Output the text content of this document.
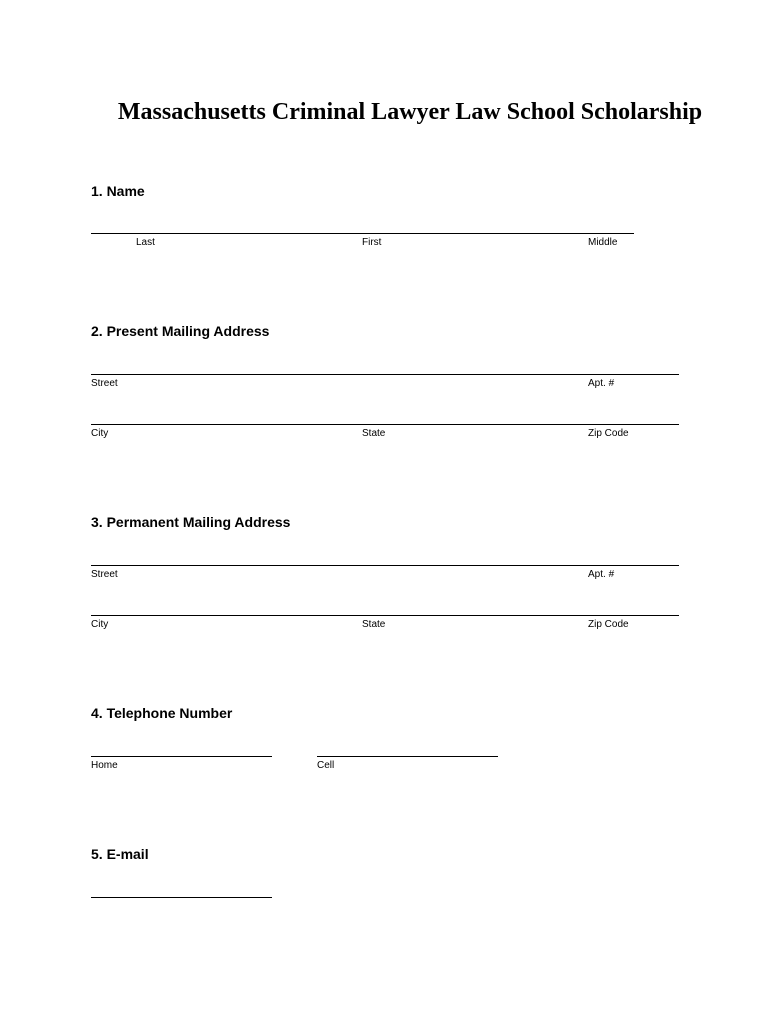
Massachusetts Criminal Lawyer Law School Scholarship
1. Name
Last	First	Middle
2. Present Mailing Address
Street	Apt. #
City	State	Zip Code
3. Permanent Mailing Address
Street	Apt. #
City	State	Zip Code
4. Telephone Number
Home	Cell
5. E-mail
